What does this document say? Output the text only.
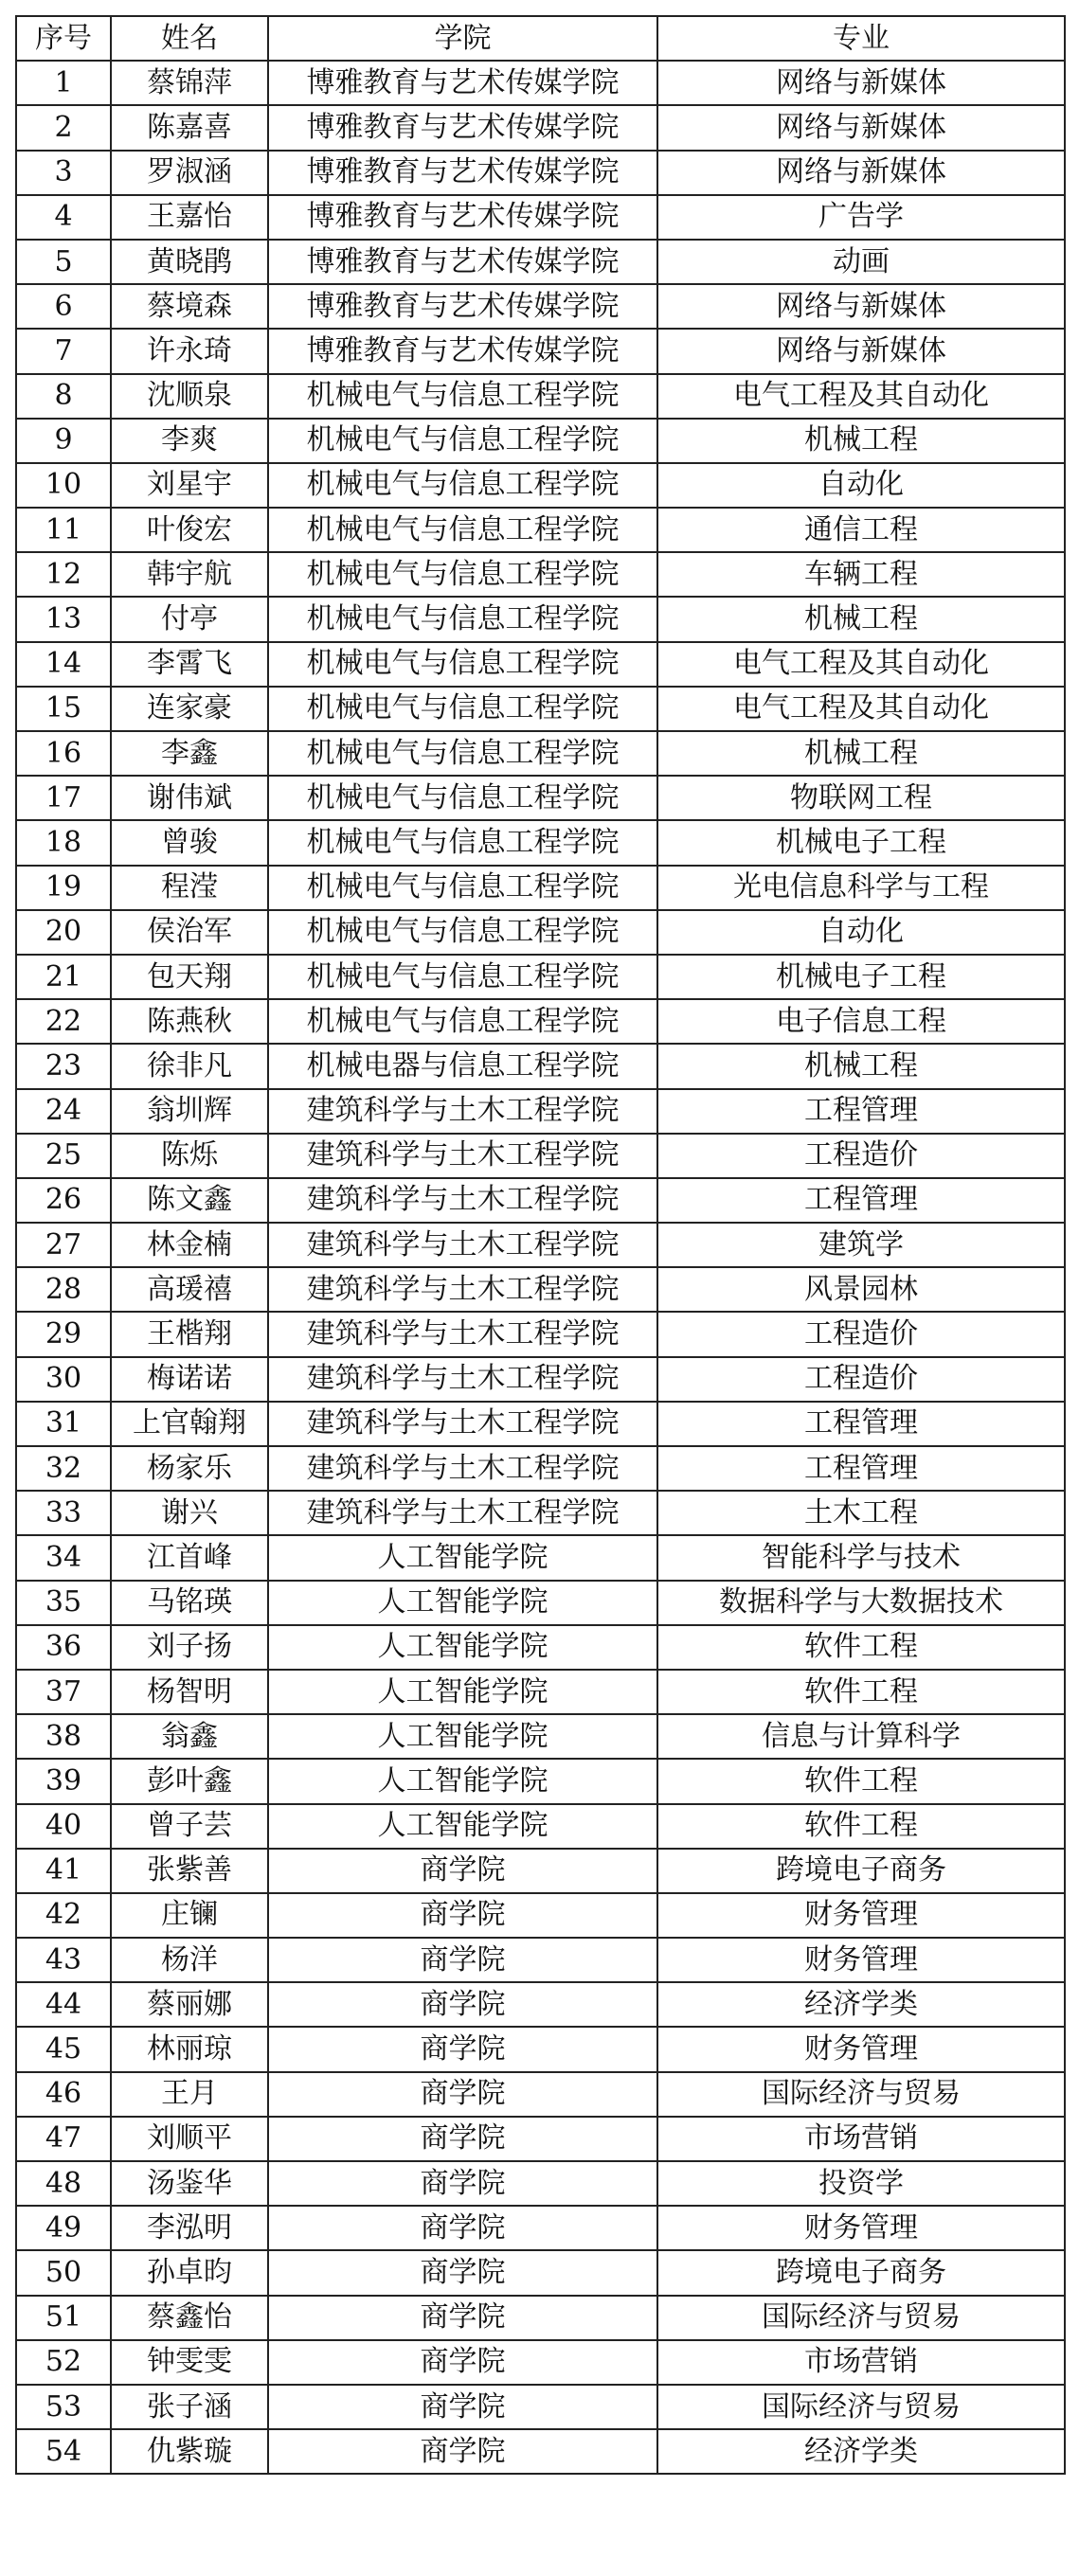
序号	姓名	学院	专业
1	蔡锦萍	博雅教育与艺术传媒学院	网络与新媒体
2	陈嘉喜	博雅教育与艺术传媒学院	网络与新媒体
3	罗淑涵	博雅教育与艺术传媒学院	网络与新媒体
4	王嘉怡	博雅教育与艺术传媒学院	广告学
5	黄晓鹃	博雅教育与艺术传媒学院	动画
6	蔡境森	博雅教育与艺术传媒学院	网络与新媒体
7	许永琦	博雅教育与艺术传媒学院	网络与新媒体
8	沈顺泉	机械电气与信息工程学院	电气工程及其自动化
9	李爽	机械电气与信息工程学院	机械工程
10	刘星宇	机械电气与信息工程学院	自动化
11	叶俊宏	机械电气与信息工程学院	通信工程
12	韩宇航	机械电气与信息工程学院	车辆工程
13	付亭	机械电气与信息工程学院	机械工程
14	李霄飞	机械电气与信息工程学院	电气工程及其自动化
15	连家豪	机械电气与信息工程学院	电气工程及其自动化
16	李鑫	机械电气与信息工程学院	机械工程
17	谢伟斌	机械电气与信息工程学院	物联网工程
18	曾骏	机械电气与信息工程学院	机械电子工程
19	程滢	机械电气与信息工程学院	光电信息科学与工程
20	侯治军	机械电气与信息工程学院	自动化
21	包天翔	机械电气与信息工程学院	机械电子工程
22	陈燕秋	机械电气与信息工程学院	电子信息工程
23	徐非凡	机械电器与信息工程学院	机械工程
24	翁圳辉	建筑科学与土木工程学院	工程管理
25	陈烁	建筑科学与土木工程学院	工程造价
26	陈文鑫	建筑科学与土木工程学院	工程管理
27	林金楠	建筑科学与土木工程学院	建筑学
28	高瑗禧	建筑科学与土木工程学院	风景园林
29	王楷翔	建筑科学与土木工程学院	工程造价
30	梅诺诺	建筑科学与土木工程学院	工程造价
31	上官翰翔	建筑科学与土木工程学院	工程管理
32	杨家乐	建筑科学与土木工程学院	工程管理
33	谢兴	建筑科学与土木工程学院	土木工程
34	江首峰	人工智能学院	智能科学与技术
35	马铭瑛	人工智能学院	数据科学与大数据技术
36	刘子扬	人工智能学院	软件工程
37	杨智明	人工智能学院	软件工程
38	翁鑫	人工智能学院	信息与计算科学
39	彭叶鑫	人工智能学院	软件工程
40	曾子芸	人工智能学院	软件工程
41	张紫善	商学院	跨境电子商务
42	庄镧	商学院	财务管理
43	杨洋	商学院	财务管理
44	蔡丽娜	商学院	经济学类
45	林丽琼	商学院	财务管理
46	王月	商学院	国际经济与贸易
47	刘顺平	商学院	市场营销
48	汤鉴华	商学院	投资学
49	李泓明	商学院	财务管理
50	孙卓昀	商学院	跨境电子商务
51	蔡鑫怡	商学院	国际经济与贸易
52	钟雯雯	商学院	市场营销
53	张子涵	商学院	国际经济与贸易
54	仇紫璇	商学院	经济学类
